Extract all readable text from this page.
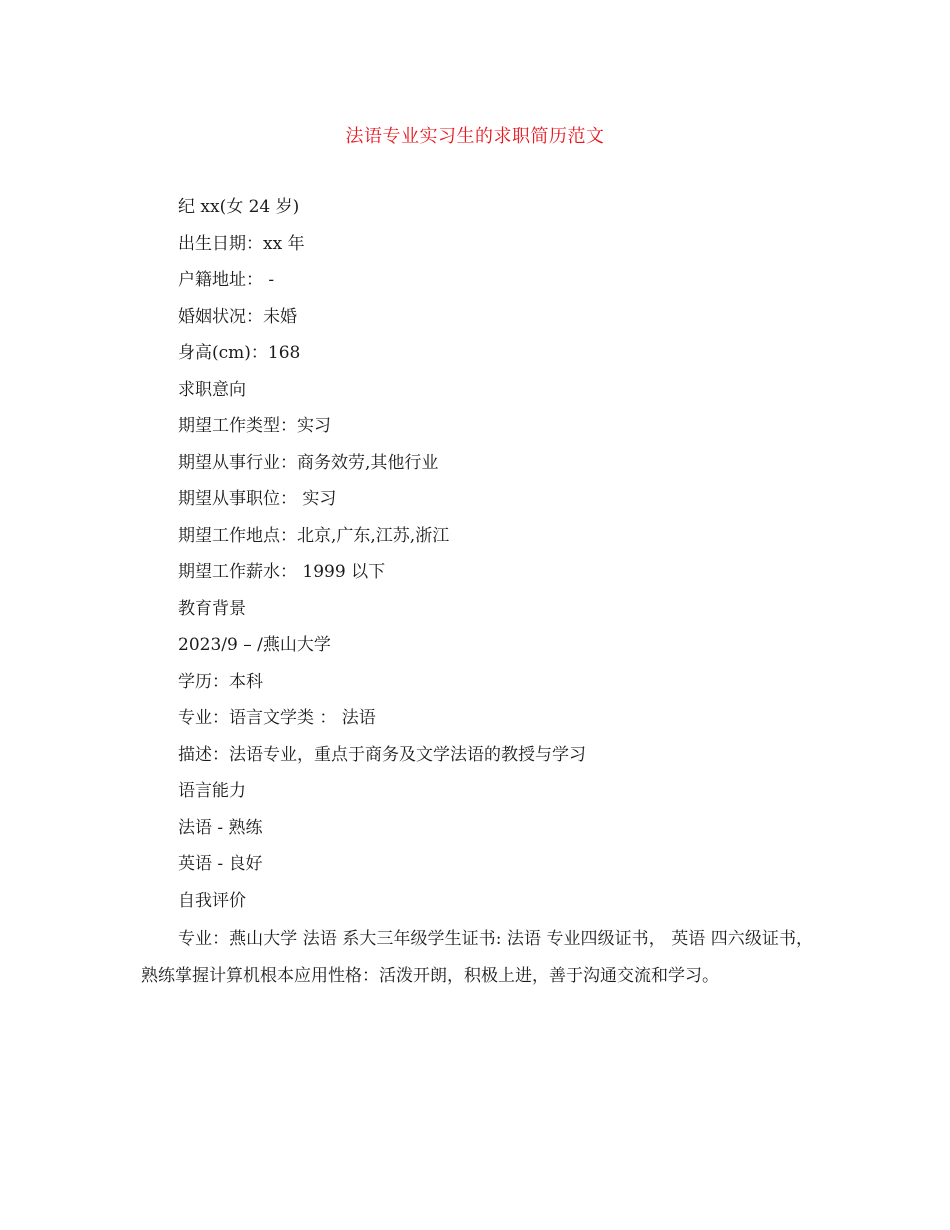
法语专业实习生的求职简历范文
纪 xx(女 24 岁)
出生日期：xx 年
户籍地址： -
婚姻状况：未婚
身高(cm)：168
求职意向
期望工作类型：实习
期望从事行业：商务效劳,其他行业
期望从事职位： 实习
期望工作地点：北京,广东,江苏,浙江
期望工作薪水： 1999 以下
教育背景
2023/9 – /燕山大学
学历：本科
专业：语言文学类 ： 法语
描述：法语专业，重点于商务及文学法语的教授与学习
语言能力
法语 - 熟练
英语 - 良好
自我评价
专业：燕山大学 法语 系大三年级学生证书: 法语 专业四级证书， 英语 四六级证书，熟练掌握计算机根本应用性格：活泼开朗，积极上进，善于沟通交流和学习。
